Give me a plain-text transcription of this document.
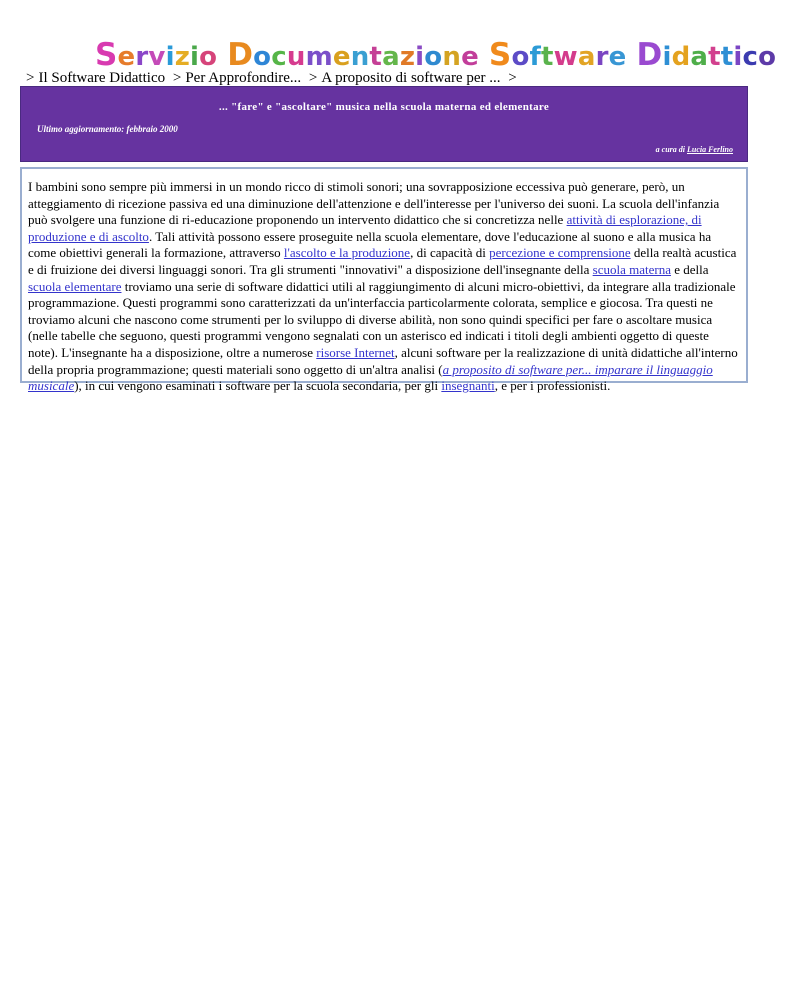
Servizio Documentazione Software Didattico
> Il Software Didattico > Per Approfondire... > A proposito di software per ... >
... "fare" e "ascoltare" musica nella scuola materna ed elementare
Ultimo aggiornamento: febbraio 2000
a cura di Lucia Ferlino

I bambini sono sempre più immersi in un mondo ricco di stimoli sonori; una sovrapposizione eccessiva può generare, però, un atteggiamento di ricezione passiva ed una diminuzione dell'attenzione e dell'interesse per l'universo dei suoni. La scuola dell'infanzia può svolgere una funzione di ri-educazione proponendo un intervento didattico che si concretizza nelle attività di esplorazione, di produzione e di ascolto. Tali attività possono essere proseguite nella scuola elementare, dove l'educazione al suono e alla musica ha come obiettivi generali la formazione, attraverso l'ascolto e la produzione, di capacità di percezione e comprensione della realtà acustica e di fruizione dei diversi linguaggi sonori. Tra gli strumenti "innovativi" a disposizione dell'insegnante della scuola materna e della scuola elementare troviamo una serie di software didattici utili al raggiungimento di alcuni micro-obiettivi, da integrare alla tradizionale programmazione. Questi programmi sono caratterizzati da un'interfaccia particolarmente colorata, semplice e giocosa. Tra questi ne troviamo alcuni che nascono come strumenti per lo sviluppo di diverse abilità, non sono quindi specifici per fare o ascoltare musica (nelle tabelle che seguono, questi programmi vengono segnalati con un asterisco ed indicati i titoli degli ambienti oggetto di queste note). L'insegnante ha a disposizione, oltre a numerose risorse Internet, alcuni software per la realizzazione di unità didattiche all'interno della propria programmazione; questi materiali sono oggetto di un'altra analisi (a proposito di software per... imparare il linguaggio musicale), in cui vengono esaminati i software per la scuola secondaria, per gli insegnanti, e per i professionisti.
